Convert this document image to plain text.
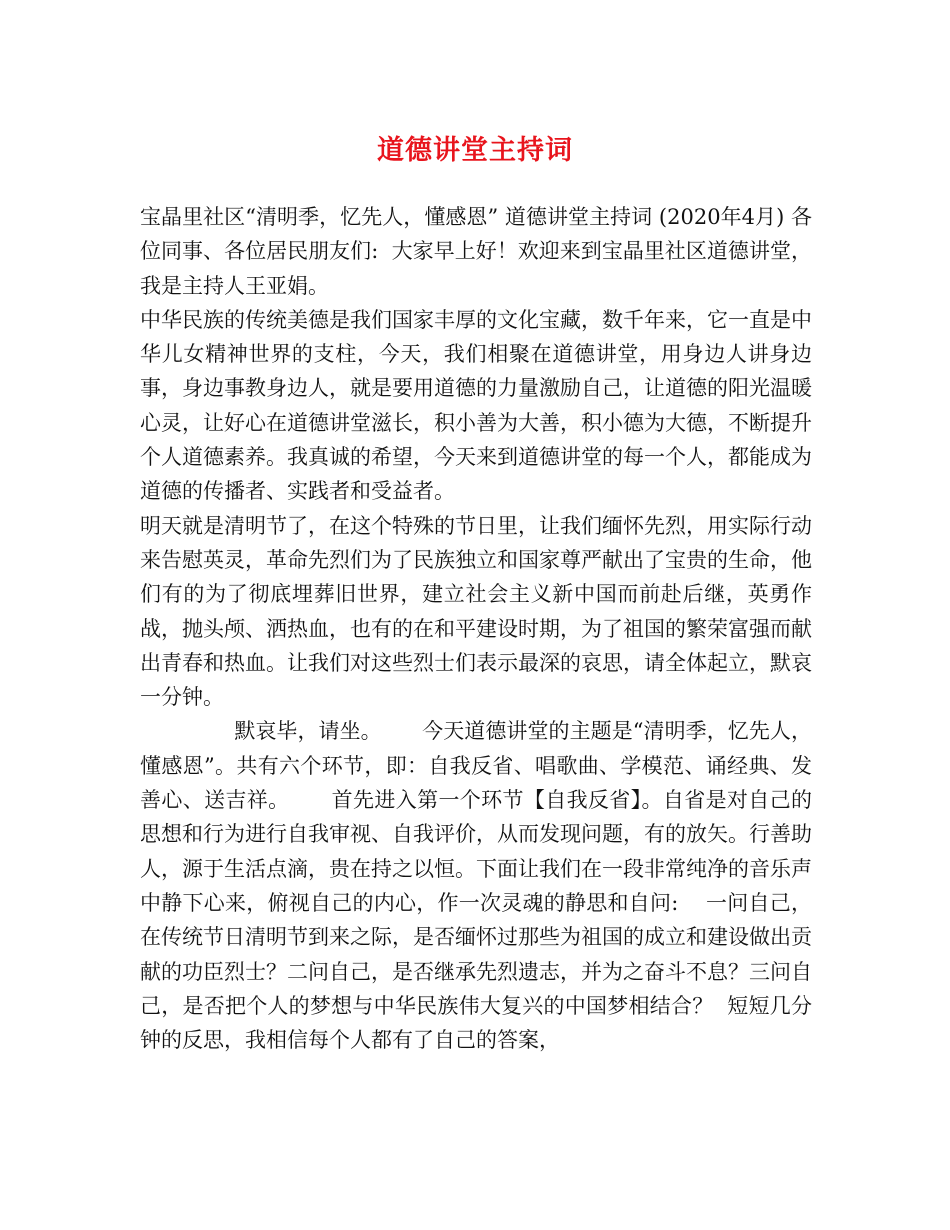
道德讲堂主持词

宝晶里社区“清明季，忆先人，懂感恩” 道德讲堂主持词 (2020年4月) 各位同事、各位居民朋友们:  大家早上好！欢迎来到宝晶里社区道德讲堂，我是主持人王亚娟。

中华民族的传统美德是我们国家丰厚的文化宝藏，数千年来，它一直是中华儿女精神世界的支柱，今天，我们相聚在道德讲堂，用身边人讲身边事，身边事教身边人，就是要用道德的力量激励自己，让道德的阳光温暖心灵，让好心在道德讲堂滋长，积小善为大善，积小德为大德，不断提升个人道德素养。我真诚的希望，今天来到道德讲堂的每一个人，都能成为道德的传播者、实践者和受益者。

明天就是清明节了，在这个特殊的节日里，让我们缅怀先烈，用实际行动来告慰英灵，革命先烈们为了民族独立和国家尊严献出了宝贵的生命，他们有的为了彻底埋葬旧世界，建立社会主义新中国而前赴后继，英勇作战，抛头颅、洒热血，也有的在和平建设时期，为了祖国的繁荣富强而献出青春和热血。让我们对这些烈士们表示最深的哀思，请全体起立，默哀一分钟。

默哀毕，请坐。      今天道德讲堂的主题是“清明季，忆先人，懂感恩”。共有六个环节，即：自我反省、唱歌曲、学模范、诵经典、发善心、送吉祥。      首先进入第一个环节【自我反省】。自省是对自己的思想和行为进行自我审视、自我评价，从而发现问题，有的放矢。行善助人，源于生活点滴，贵在持之以恒。下面让我们在一段非常纯净的音乐声中静下心来，俯视自己的内心，作一次灵魂的静思和自问:    一问自己，在传统节日清明节到来之际，是否缅怀过那些为祖国的成立和建设做出贡献的功臣烈士？二问自己，是否继承先烈遗志，并为之奋斗不息？三问自己，是否把个人的梦想与中华民族伟大复兴的中国梦相结合？  短短几分钟的反思，我相信每个人都有了自己的答案，
